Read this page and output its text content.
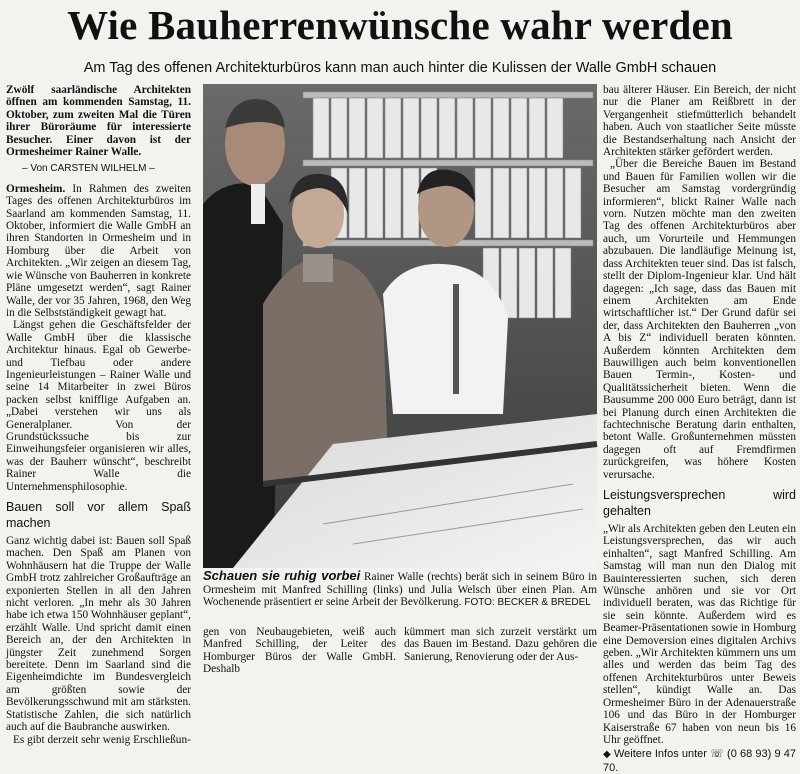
Wie Bauherrenwünsche wahr werden
Am Tag des offenen Architekturbüros kann man auch hinter die Kulissen der Walle GmbH schauen
Zwölf saarländische Architekten öffnen am kommenden Samstag, 11. Oktober, zum zweiten Mal die Türen ihrer Büroräume für interessierte Besucher. Einer davon ist der Ormesheimer Rainer Walle.
– Von CARSTEN WILHELM –

Ormesheim. In Rahmen des zweiten Tages des offenen Architekturbüros im Saarland am kommenden Samstag, 11. Oktober, informiert die Walle GmbH an ihren Standorten in Ormesheim und in Homburg über die Arbeit von Architekten. „Wir zeigen an diesem Tag, wie Wünsche von Bauherren in konkrete Pläne umgesetzt werden“, sagt Rainer Walle, der vor 35 Jahren, 1968, den Weg in die Selbstständigkeit gewagt hat.

Längst gehen die Geschäftsfelder der Walle GmbH über die klassische Architektur hinaus. Egal ob Gewerbe- und Tiefbau oder andere Ingenieurleistungen – Rainer Walle und seine 14 Mitarbeiter in zwei Büros packen selbst knifflige Aufgaben an. „Dabei verstehen wir uns als Generalplaner. Von der Grundstückssuche bis zur Einweihungsfeier organisieren wir alles, was der Bauherr wünscht“, beschreibt Rainer Walle die Unternehmensphilosophie.

Bauen soll vor allem Spaß machen

Ganz wichtig dabei ist: Bauen soll Spaß machen. Den Spaß am Planen von Wohnhäusern hat die Truppe der Walle GmbH trotz zahlreicher Großaufträge an exponierten Stellen in all den Jahren nicht verloren. „In mehr als 30 Jahren habe ich etwa 150 Wohnhäuser geplant“, erzählt Walle. Und spricht damit einen Bereich an, der den Architekten in jüngster Zeit zunehmend Sorgen bereitete. Denn im Saarland sind die Eigenheimdichte im Bundesvergleich am größten sowie der Bevölkerungsschwund mit am stärksten. Statistische Zahlen, die sich natürlich auch auf die Baubranche auswirken.

Es gibt derzeit sehr wenig Erschließun-

Schauen sie ruhig vorbei Rainer Walle (rechts) berät sich in seinem Büro in Ormesheim mit Manfred Schilling (links) und Julia Welsch über einen Plan. Am Wochenende präsentiert er seine Arbeit der Bevölkerung. FOTO: BECKER & BREDEL
gen von Neubaugebieten, weiß auch Manfred Schilling, der Leiter des Homburger Büros der Walle GmbH. Deshalb
kümmert man sich zurzeit verstärkt um das Bauen im Bestand. Dazu gehören die Sanierung, Renovierung oder der Aus-

bau älterer Häuser. Ein Bereich, der nicht nur die Planer am Reißbrett in der Vergangenheit stiefmütterlich behandelt haben. Auch von staatlicher Seite müsste die Bestandserhaltung nach Ansicht der Architekten stärker gefördert werden.

„Über die Bereiche Bauen im Bestand und Bauen für Familien wollen wir die Besucher am Samstag vordergründig informieren“, blickt Rainer Walle nach vorn. Nutzen möchte man den zweiten Tag des offenen Architekturbüros aber auch, um Vorurteile und Hemmungen abzubauen. Die landläufige Meinung ist, dass Architekten teuer sind. Das ist falsch, stellt der Diplom-Ingenieur klar. Und hält dagegen: „Ich sage, dass das Bauen mit einem Architekten am Ende wirtschaftlicher ist.“ Der Grund dafür sei der, dass Architekten den Bauherren „von A bis Z“ individuell beraten könnten. Außerdem könnten Architekten dem Bauwilligen auch beim konventionellen Bauen Termin-, Kosten- und Qualitätssicherheit bieten. Wenn die Bausumme 200 000 Euro beträgt, dann ist bei Planung durch einen Architekten die fachtechnische Beratung darin enthalten, betont Walle. Großunternehmen müssten dagegen oft auf Fremdfirmen zurückgreifen, was höhere Kosten verursache.

Leistungsversprechen wird gehalten

„Wir als Architekten geben den Leuten ein Leistungsversprechen, das wir auch einhalten“, sagt Manfred Schilling. Am Samstag will man nun den Dialog mit Bauinteressierten suchen, sich deren Wünsche anhören und sie vor Ort individuell beraten, was das Richtige für sie sein könnte. Außerdem wird es Beamer-Präsentationen sowie in Homburg eine Demoversion eines digitalen Archivs geben. „Wir Architekten kümmern uns um alles und werden das beim Tag des offenen Architekturbüros unter Beweis stellen“, kündigt Walle an. Das Ormesheimer Büro in der Adenauerstraße 106 und das Büro in der Homburger Kaiserstraße 67 haben von neun bis 16 Uhr geöffnet.

◆ Weitere Infos unter ☏ (0 68 93) 9 47 70.
